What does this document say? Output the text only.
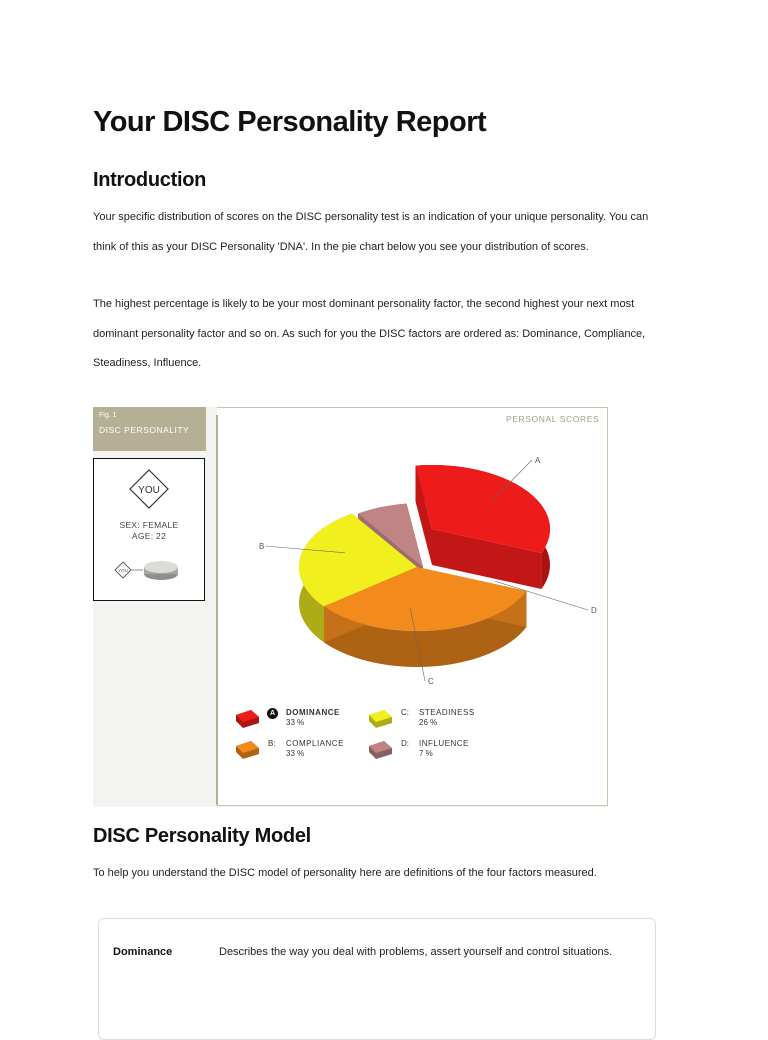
Your DISC Personality Report
Introduction

Your specific distribution of scores on the DISC personality test is an indication of your unique personality. You can think of this as your DISC Personality 'DNA'. In the pie chart below you see your distribution of scores.

The highest percentage is likely to be your most dominant personality factor, the second highest your next most dominant personality factor and so on. As such for you the DISC factors are ordered as: Dominance, Compliance, Steadiness, Influence.

Fig. 1
DISC PERSONALITY
YOU
YOU
SEX: FEMALE
AGE: 22
PERSONAL SCORES
A
B
C
D
A	DOMINANCE
33 %
B: COMPLIANCE
33 %
C: STEADINESS
26 %
D: INFLUENCE
7 %
DISC Personality Model

To help you understand the DISC model of personality here are definitions of the four factors measured.

Dominance	Describes the way you deal with problems, assert yourself and control situations.
